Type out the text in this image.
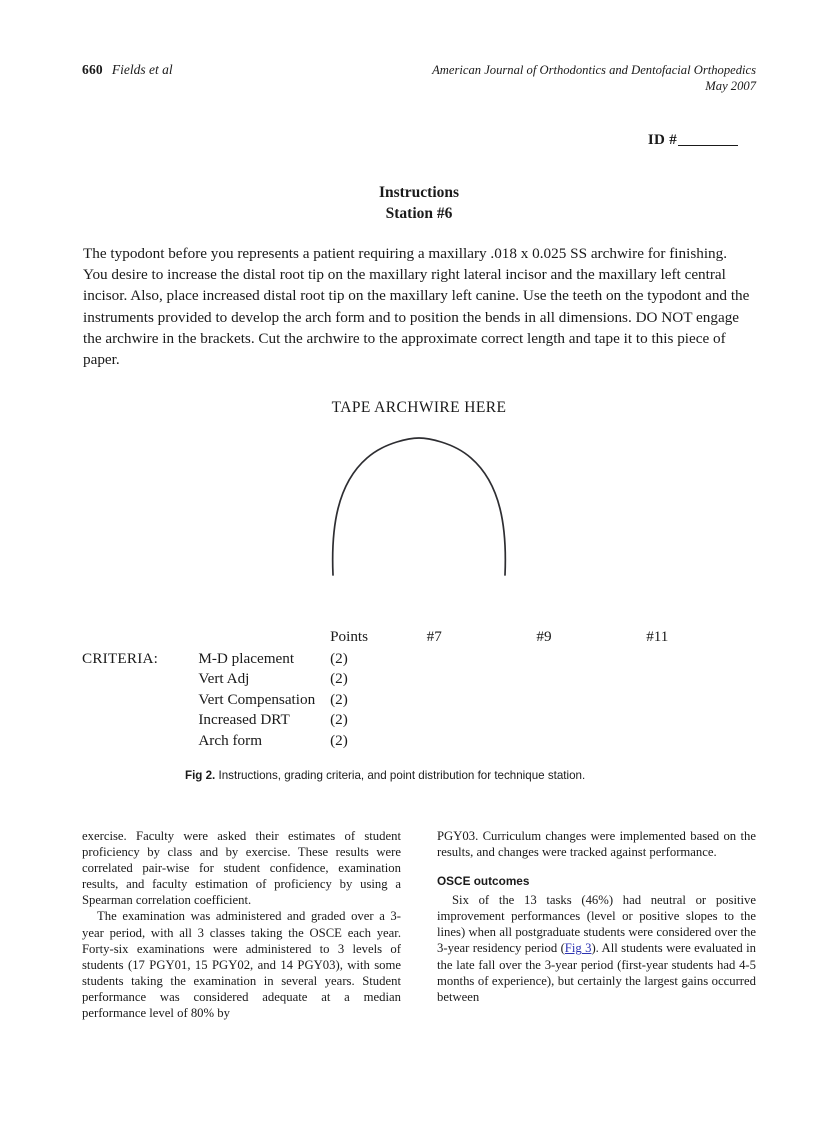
660 Fields et al	American Journal of Orthodontics and Dentofacial Orthopedics
May 2007
ID #
Instructions
Station #6
The typodont before you represents a patient requiring a maxillary .018 x 0.025 SS archwire for finishing. You desire to increase the distal root tip on the maxillary right lateral incisor and the maxillary left central incisor. Also, place increased distal root tip on the maxillary left canine. Use the teeth on the typodont and the instruments provided to develop the arch form and to position the bends in all dimensions. DO NOT engage the archwire in the brackets. Cut the archwire to the approximate correct length and tape it to this piece of paper.
TAPE ARCHWIRE HERE
		Points	#7	#9	#11
CRITERIA:	M-D placement	(2)			
	Vert Adj	(2)			
	Vert Compensation	(2)			
	Increased DRT	(2)			
	Arch form	(2)			
Fig 2. Instructions, grading criteria, and point distribution for technique station.

exercise. Faculty were asked their estimates of student proficiency by class and by exercise. These results were correlated pair-wise for student confidence, examination results, and faculty estimation of proficiency by using a Spearman correlation coefficient.

The examination was administered and graded over a 3-year period, with all 3 classes taking the OSCE each year. Forty-six examinations were administered to 3 levels of students (17 PGY01, 15 PGY02, and 14 PGY03), with some students taking the examination in several years. Student performance was considered adequate at a median performance level of 80% by

PGY03. Curriculum changes were implemented based on the results, and changes were tracked against performance.

OSCE outcomes

Six of the 13 tasks (46%) had neutral or positive improvement performances (level or positive slopes to the lines) when all postgraduate students were considered over the 3-year residency period (Fig 3). All students were evaluated in the late fall over the 3-year period (first-year students had 4-5 months of experience), but certainly the largest gains occurred between
